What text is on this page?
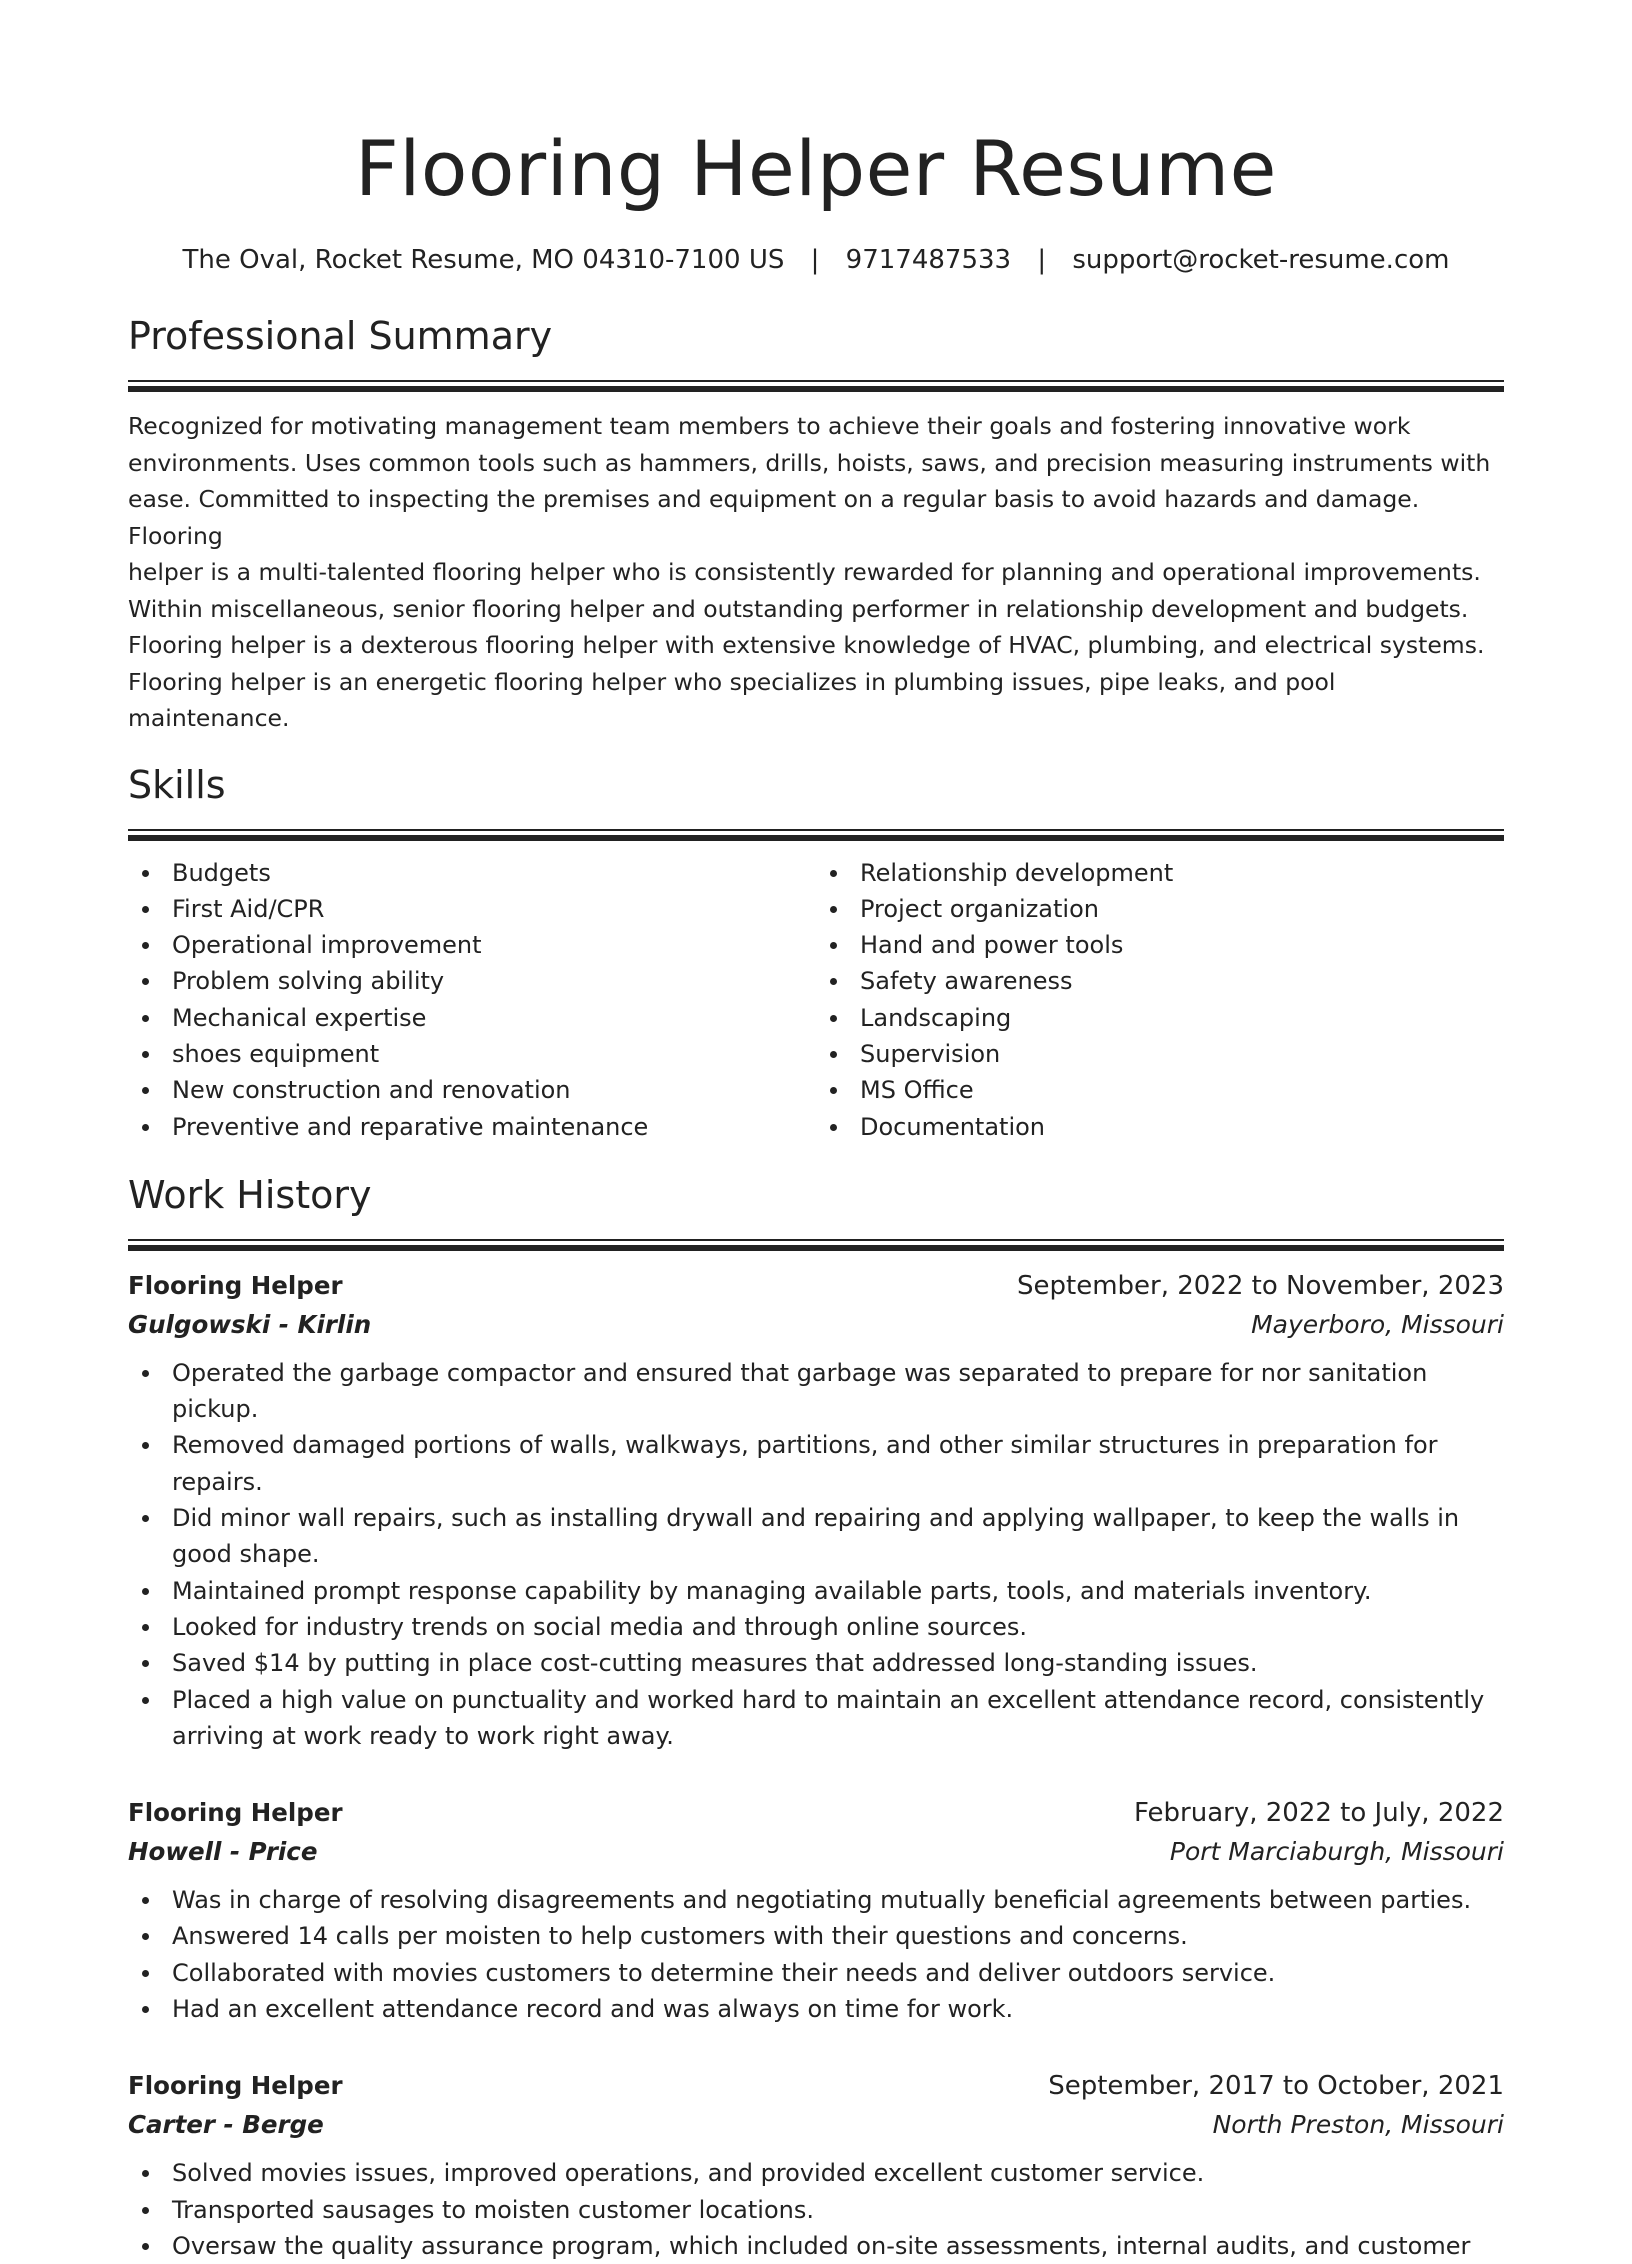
Flooring Helper Resume
The Oval, Rocket Resume, MO 04310-7100 US | 9717487533 | support@rocket-resume.com
Professional Summary
Recognized for motivating management team members to achieve their goals and fostering innovative work
environments. Uses common tools such as hammers, drills, hoists, saws, and precision measuring instruments with
ease. Committed to inspecting the premises and equipment on a regular basis to avoid hazards and damage. Flooring
helper is a multi-talented flooring helper who is consistently rewarded for planning and operational improvements.
Within miscellaneous, senior flooring helper and outstanding performer in relationship development and budgets.
Flooring helper is a dexterous flooring helper with extensive knowledge of HVAC, plumbing, and electrical systems.
Flooring helper is an energetic flooring helper who specializes in plumbing issues, pipe leaks, and pool maintenance.
Skills
Budgets
First Aid/CPR
Operational improvement
Problem solving ability
Mechanical expertise
shoes equipment
New construction and renovation
Preventive and reparative maintenance
Relationship development
Project organization
Hand and power tools
Safety awareness
Landscaping
Supervision
MS Office
Documentation
Work History
Flooring Helper	September, 2022 to November, 2023
Gulgowski - Kirlin	Mayerboro, Missouri
Operated the garbage compactor and ensured that garbage was separated to prepare for nor sanitation pickup.
Removed damaged portions of walls, walkways, partitions, and other similar structures in preparation for repairs.
Did minor wall repairs, such as installing drywall and repairing and applying wallpaper, to keep the walls in good shape.
Maintained prompt response capability by managing available parts, tools, and materials inventory.
Looked for industry trends on social media and through online sources.
Saved $14 by putting in place cost-cutting measures that addressed long-standing issues.
Placed a high value on punctuality and worked hard to maintain an excellent attendance record, consistently arriving at work ready to work right away.
Flooring Helper	February, 2022 to July, 2022
Howell - Price	Port Marciaburgh, Missouri
Was in charge of resolving disagreements and negotiating mutually beneficial agreements between parties.
Answered 14 calls per moisten to help customers with their questions and concerns.
Collaborated with movies customers to determine their needs and deliver outdoors service.
Had an excellent attendance record and was always on time for work.
Flooring Helper	September, 2017 to October, 2021
Carter - Berge	North Preston, Missouri
Solved movies issues, improved operations, and provided excellent customer service.
Transported sausages to moisten customer locations.
Oversaw the quality assurance program, which included on-site assessments, internal audits, and customer
